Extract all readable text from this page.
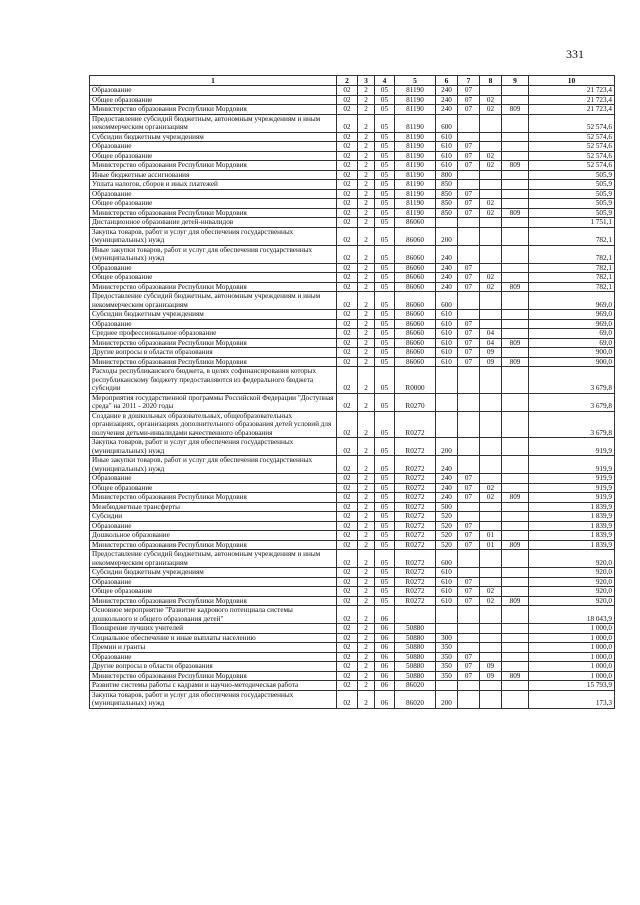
331
1	2	3	4	5	6	7	8	9	10
Образование	02	2	05	81190	240	07			21 723,4
Общее образование	02	2	05	81190	240	07	02		21 723,4
Министерство образования Республики Мордовия	02	2	05	81190	240	07	02	809	21 723,4
Предоставление субсидий бюджетным, автономным учреждениям и иным некоммерческим организациям	02	2	05	81190	600				52 574,6
Субсидии бюджетным учреждениям	02	2	05	81190	610				52 574,6
Образование	02	2	05	81190	610	07			52 574,6
Общее образование	02	2	05	81190	610	07	02		52 574,6
Министерство образования Республики Мордовия	02	2	05	81190	610	07	02	809	52 574,6
Иные бюджетные ассигнования	02	2	05	81190	800				505,9
Уплата налогов, сборов и иных платежей	02	2	05	81190	850				505,9
Образование	02	2	05	81190	850	07			505,9
Общее образование	02	2	05	81190	850	07	02		505,9
Министерство образования Республики Мордовия	02	2	05	81190	850	07	02	809	505,9
Дистанционное образование детей-инвалидов	02	2	05	86060					1 751,1
Закупка товаров, работ и услуг для обеспечения государственных (муниципальных) нужд	02	2	05	86060	200				782,1
Иные закупки товаров, работ и услуг для обеспечения государственных (муниципальных) нужд	02	2	05	86060	240				782,1
Образование	02	2	05	86060	240	07			782,1
Общее образование	02	2	05	86060	240	07	02		782,1
Министерство образования Республики Мордовия	02	2	05	86060	240	07	02	809	782,1
Предоставление субсидий бюджетным, автономным учреждениям и иным некоммерческим организациям	02	2	05	86060	600				969,0
Субсидии бюджетным учреждениям	02	2	05	86060	610				969,0
Образование	02	2	05	86060	610	07			969,0
Среднее профессиональное образование	02	2	05	86060	610	07	04		69,0
Министерство образования Республики Мордовия	02	2	05	86060	610	07	04	809	69,0
Другие вопросы в области образования	02	2	05	86060	610	07	09		900,0
Министерство образования Республики Мордовия	02	2	05	86060	610	07	09	809	900,0
Расходы республиканского бюджета, в целях софинансирования которых республиканскому бюджету предоставляются из федерального бюджета субсидии	02	2	05	R0000					3 679,8
Мероприятия государственной программы Российской Федерации "Доступная среда" на 2011 - 2020 годы	02	2	05	R0270					3 679,8
Создание в дошкольных образовательных, общеобразовательных организациях, организациях дополнительного образования детей условий для получения детьми-инвалидами качественного образования	02	2	05	R0272					3 679,8
Закупка товаров, работ и услуг для обеспечения государственных (муниципальных) нужд	02	2	05	R0272	200				919,9
Иные закупки товаров, работ и услуг для обеспечения государственных (муниципальных) нужд	02	2	05	R0272	240				919,9
Образование	02	2	05	R0272	240	07			919,9
Общее образование	02	2	05	R0272	240	07	02		919,9
Министерство образования Республики Мордовия	02	2	05	R0272	240	07	02	809	919,9
Межбюджетные трансферты	02	2	05	R0272	500				1 839,9
Субсидии	02	2	05	R0272	520				1 839,9
Образование	02	2	05	R0272	520	07			1 839,9
Дошкольное образование	02	2	05	R0272	520	07	01		1 839,9
Министерство образования Республики Мордовия	02	2	05	R0272	520	07	01	809	1 839,9
Предоставление субсидий бюджетным, автономным учреждениям и иным некоммерческим организациям	02	2	05	R0272	600				920,0
Субсидии бюджетным учреждениям	02	2	05	R0272	610				920,0
Образование	02	2	05	R0272	610	07			920,0
Общее образование	02	2	05	R0272	610	07	02		920,0
Министерство образования Республики Мордовия	02	2	05	R0272	610	07	02	809	920,0
Основное мероприятие "Развитие кадрового потенциала системы дошкольного и общего образования детей"	02	2	06						18 043,9
Поощрение лучших учителей	02	2	06	50880					1 000,0
Социальное обеспечение и иные выплаты населению	02	2	06	50880	300				1 000,0
Премии и гранты	02	2	06	50880	350				1 000,0
Образование	02	2	06	50880	350	07			1 000,0
Другие вопросы в области образования	02	2	06	50880	350	07	09		1 000,0
Министерство образования Республики Мордовия	02	2	06	50880	350	07	09	809	1 000,0
Развитие системы работы с кадрами и научно-методическая работа	02	2	06	86020					15 793,9
Закупка товаров, работ и услуг для обеспечения государственных (муниципальных) нужд	02	2	06	86020	200				173,3
